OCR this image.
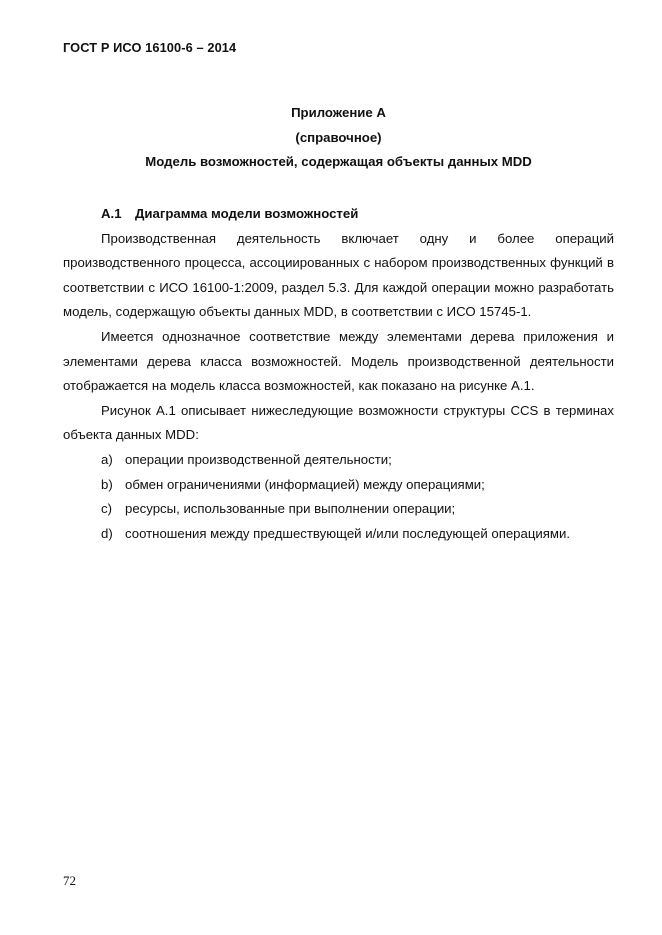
ГОСТ Р ИСО 16100-6 – 2014
Приложение А
(справочное)
Модель возможностей, содержащая объекты данных MDD
А.1 Диаграмма модели возможностей

Производственная деятельность включает одну и более операций производственного процесса, ассоциированных с набором производственных функций в соответствии с ИСО 16100-1:2009, раздел 5.3. Для каждой операции можно разработать модель, содержащую объекты данных MDD, в соответствии с ИСО 15745-1.

Имеется однозначное соответствие между элементами дерева приложения и элементами дерева класса возможностей. Модель производственной деятельности отображается на модель класса возможностей, как показано на рисунке А.1.

Рисунок А.1 описывает нижеследующие возможности структуры CCS в терминах объекта данных MDD:

а) операции производственной деятельности;
b) обмен ограничениями (информацией) между операциями;
c) ресурсы, использованные при выполнении операции;
d) соотношения между предшествующей и/или последующей операциями.
72
